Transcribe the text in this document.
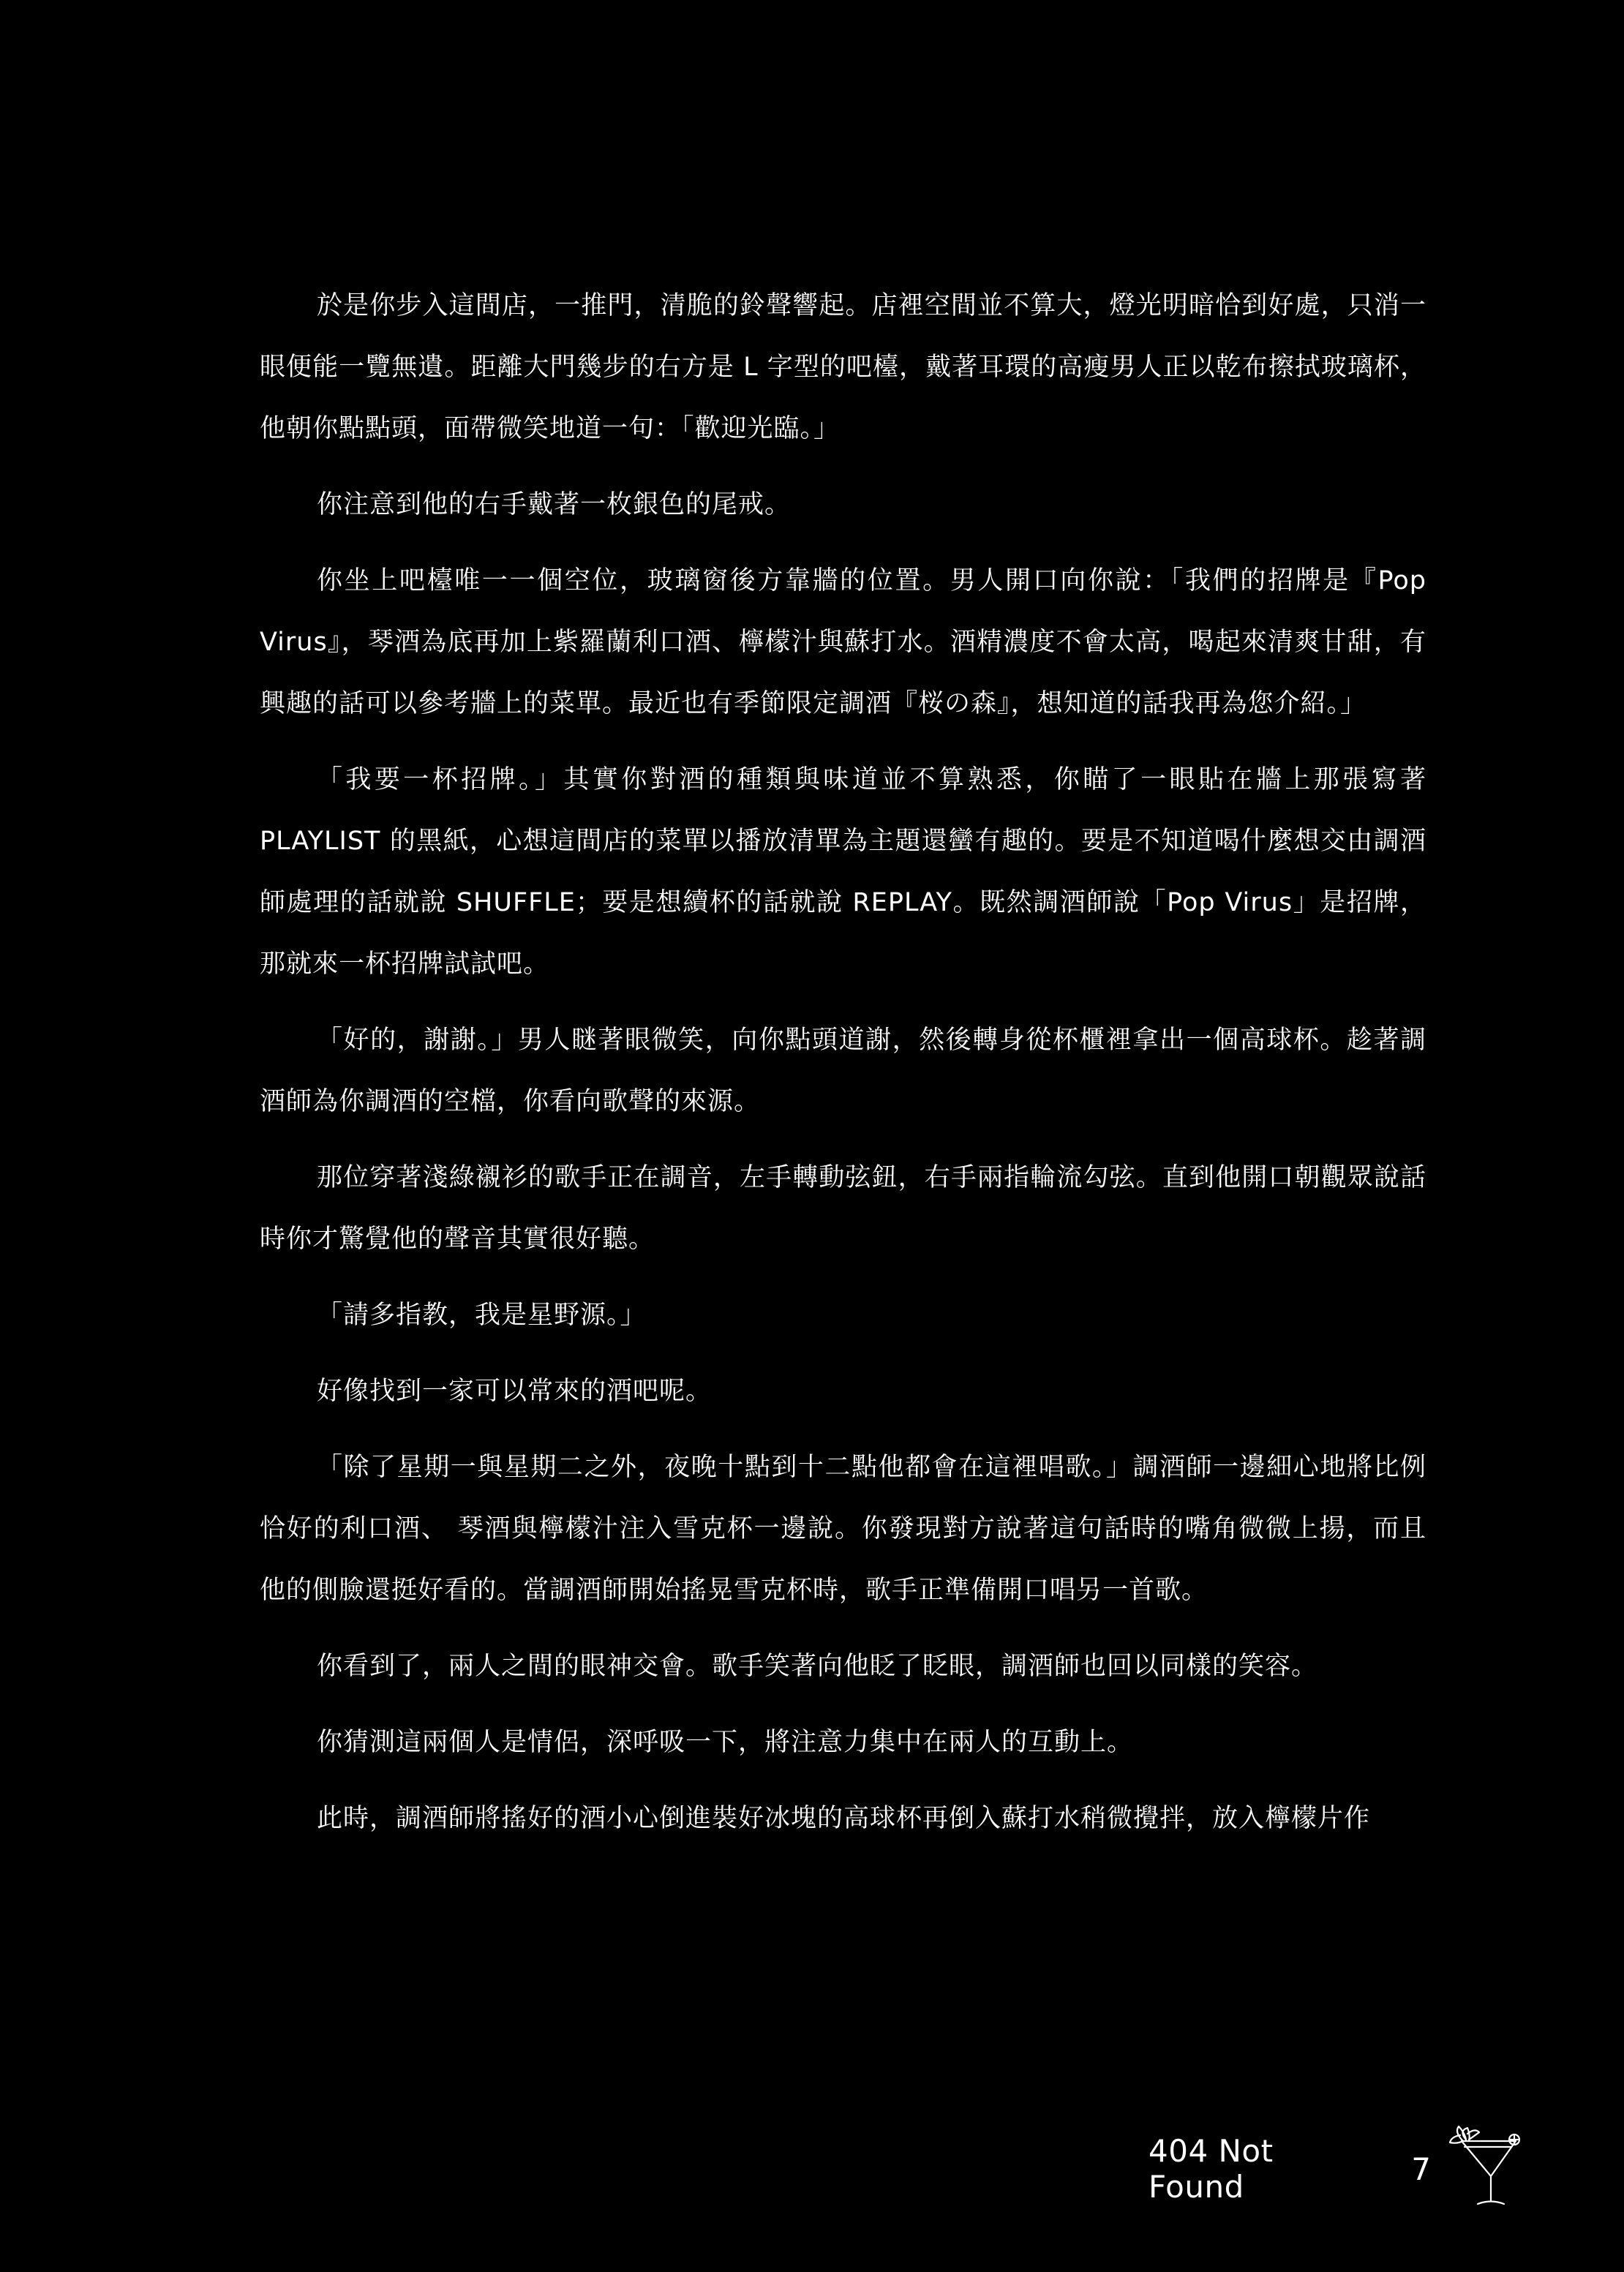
於是你步入這間店，一推門，清脆的鈴聲響起。店裡空間並不算大，燈光明暗恰到好處，只消一眼便能一覽無遺。距離大門幾步的右方是 L 字型的吧檯，戴著耳環的高瘦男人正以乾布擦拭玻璃杯，他朝你點點頭，面帶微笑地道一句：「歡迎光臨。」

你注意到他的右手戴著一枚銀色的尾戒。

你坐上吧檯唯一一個空位，玻璃窗後方靠牆的位置。男人開口向你說：「我們的招牌是『Pop Virus』，琴酒為底再加上紫羅蘭利口酒、檸檬汁與蘇打水。酒精濃度不會太高，喝起來清爽甘甜，有興趣的話可以參考牆上的菜單。最近也有季節限定調酒『桜の森』，想知道的話我再為您介紹。」

「我要一杯招牌。」其實你對酒的種類與味道並不算熟悉，你瞄了一眼貼在牆上那張寫著 PLAYLIST 的黑紙，心想這間店的菜單以播放清單為主題還蠻有趣的。要是不知道喝什麼想交由調酒師處理的話就說 SHUFFLE；要是想續杯的話就說 REPLAY。既然調酒師說「Pop Virus」是招牌，那就來一杯招牌試試吧。

「好的，謝謝。」男人瞇著眼微笑，向你點頭道謝，然後轉身從杯櫃裡拿出一個高球杯。趁著調酒師為你調酒的空檔，你看向歌聲的來源。

那位穿著淺綠襯衫的歌手正在調音，左手轉動弦鈕，右手兩指輪流勾弦。直到他開口朝觀眾說話時你才驚覺他的聲音其實很好聽。

「請多指教，我是星野源。」

好像找到一家可以常來的酒吧呢。

「除了星期一與星期二之外，夜晚十點到十二點他都會在這裡唱歌。」調酒師一邊細心地將比例恰好的利口酒、 琴酒與檸檬汁注入雪克杯一邊說。你發現對方說著這句話時的嘴角微微上揚，而且他的側臉還挺好看的。當調酒師開始搖晃雪克杯時，歌手正準備開口唱另一首歌。

你看到了，兩人之間的眼神交會。歌手笑著向他眨了眨眼，調酒師也回以同樣的笑容。

你猜測這兩個人是情侶，深呼吸一下，將注意力集中在兩人的互動上。

此時，調酒師將搖好的酒小心倒進裝好冰塊的高球杯再倒入蘇打水稍微攪拌，放入檸檬片作

404 Not Found	7
